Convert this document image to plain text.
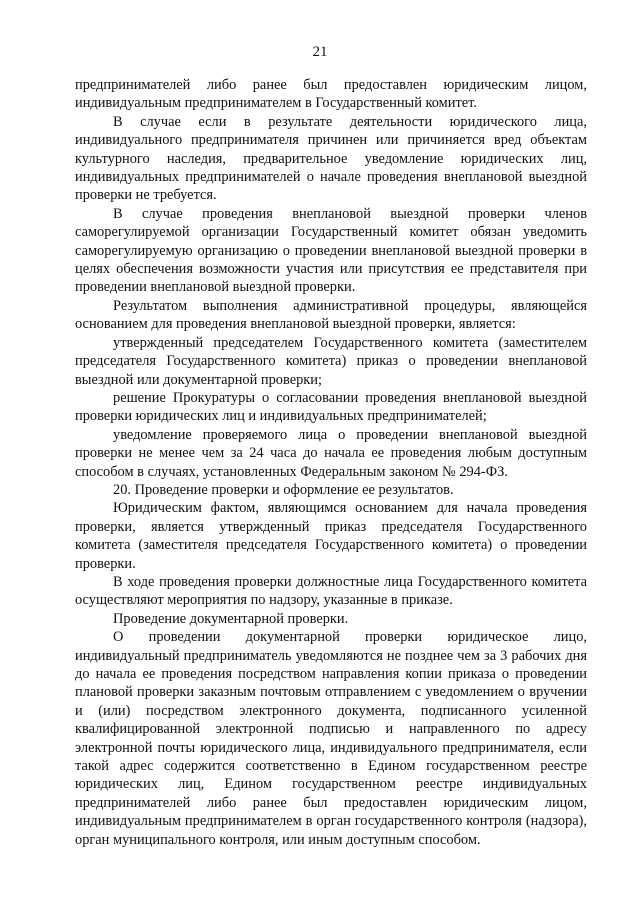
21

предпринимателей либо ранее был предоставлен юридическим лицом, индивидуальным предпринимателем в Государственный комитет.

В случае если в результате деятельности юридического лица, индивидуального предпринимателя причинен или причиняется вред объектам культурного наследия, предварительное уведомление юридических лиц, индивидуальных предпринимателей о начале проведения внеплановой выездной проверки не требуется.

В случае проведения внеплановой выездной проверки членов саморегулируемой организации Государственный комитет обязан уведомить саморегулируемую организацию о проведении внеплановой выездной проверки в целях обеспечения возможности участия или присутствия ее представителя при проведении внеплановой выездной проверки.

Результатом выполнения административной процедуры, являющейся основанием для проведения внеплановой выездной проверки, является:

утвержденный председателем Государственного комитета (заместителем председателя Государственного комитета) приказ о проведении внеплановой выездной или документарной проверки;

решение Прокуратуры о согласовании проведения внеплановой выездной проверки юридических лиц и индивидуальных предпринимателей;

уведомление проверяемого лица о проведении внеплановой выездной проверки не менее чем за 24 часа до начала ее проведения любым доступным способом в случаях, установленных Федеральным законом № 294-ФЗ.

20. Проведение проверки и оформление ее результатов.

Юридическим фактом, являющимся основанием для начала проведения проверки, является утвержденный приказ председателя Государственного комитета (заместителя председателя Государственного комитета) о проведении проверки.

В ходе проведения проверки должностные лица Государственного комитета осуществляют мероприятия по надзору, указанные в приказе.

Проведение документарной проверки.

О проведении документарной проверки юридическое лицо, индивидуальный предприниматель уведомляются не позднее чем за 3 рабочих дня до начала ее проведения посредством направления копии приказа о проведении плановой проверки заказным почтовым отправлением с уведомлением о вручении и (или) посредством электронного документа, подписанного усиленной квалифицированной электронной подписью и направленного по адресу электронной почты юридического лица, индивидуального предпринимателя, если такой адрес содержится соответственно в Едином государственном реестре юридических лиц, Едином государственном реестре индивидуальных предпринимателей либо ранее был предоставлен юридическим лицом, индивидуальным предпринимателем в орган государственного контроля (надзора), орган муниципального контроля, или иным доступным способом.
